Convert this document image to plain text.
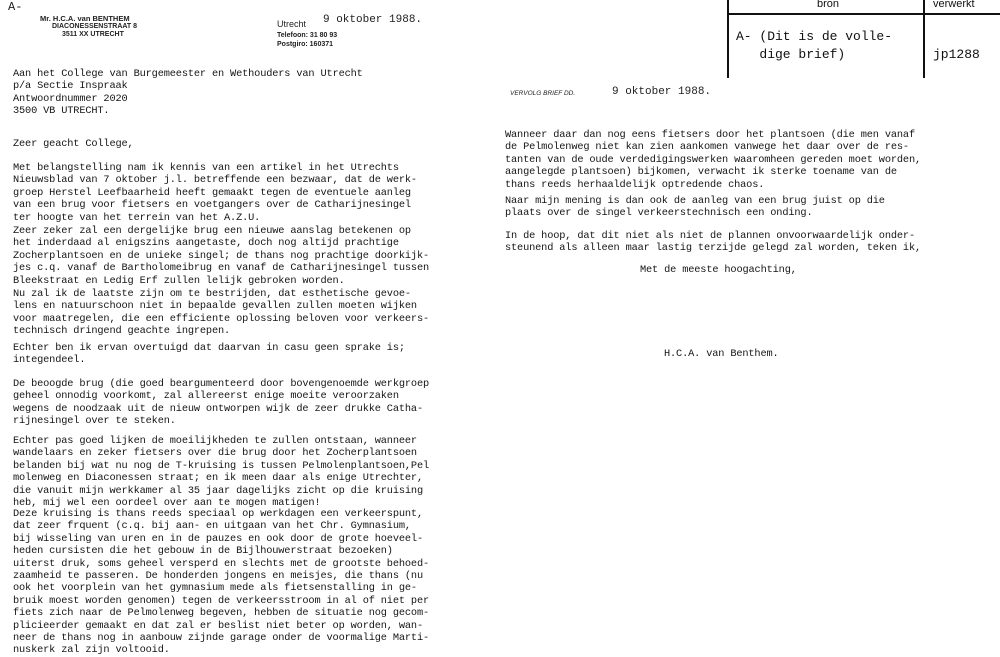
A-
Mr. H.C.A. van BENTHEM
DIACONESSENSTRAAT 8
3511 XX UTRECHT
Utrecht 9 oktober 1988.
Telefoon: 31 80 93
Postgiro: 160371
bron	verwerkt
A- (Dit is de volle-
dige brief)	jp1288
Aan het College van Burgemeester en Wethouders van Utrecht
p/a Sectie Inspraak
Antwoordnummer 2020
3500 VB UTRECHT.
Zeer geacht College,
Met belangstelling nam ik kennis van een artikel in het Utrechts
Nieuwsblad van 7 oktober j.l. betreffende een bezwaar, dat de werk-
groep Herstel Leefbaarheid heeft gemaakt tegen de eventuele aanleg
van een brug voor fietsers en voetgangers over de Catharijnesingel
ter hoogte van het terrein van het A.Z.U.
Zeer zeker zal een dergelijke brug een nieuwe aanslag betekenen op
het inderdaad al enigszins aangetaste, doch nog altijd prachtige
Zocherplantsoen en de unieke singel; de thans nog prachtige doorkijk-
jes c.q. vanaf de Bartholomeibrug en vanaf de Catharijnesingel tussen
Bleekstraat en Ledig Erf zullen lelijk gebroken worden.
Nu zal ik de laatste zijn om te bestrijden, dat esthetische gevoe-
lens en natuurschoon niet in bepaalde gevallen zullen moeten wijken
voor maatregelen, die een efficiente oplossing beloven voor verkeers-
technisch dringend geachte ingrepen.
Echter ben ik ervan overtuigd dat daarvan in casu geen sprake is;
integendeel.
De beoogde brug (die goed beargumenteerd door bovengenoemde werkgroep
geheel onnodig voorkomt, zal allereerst enige moeite veroorzaken
wegens de noodzaak uit de nieuw ontworpen wijk de zeer drukke Catha-
rijnesingel over te steken.
Echter pas goed lijken de moeilijkheden te zullen ontstaan, wanneer
wandelaars en zeker fietsers over die brug door het Zocherplantsoen
belanden bij wat nu nog de T-kruising is tussen Pelmolenplantsoen,Pel
molenweg en Diaconessen straat; en ik meen daar als enige Utrechter,
die vanuit mijn werkkamer al 35 jaar dagelijks zicht op die kruising
heb, mij wel een oordeel over aan te mogen matigen!
Deze kruising is thans reeds speciaal op werkdagen een verkeerspunt,
dat zeer frquent (c.q. bij aan- en uitgaan van het Chr. Gymnasium,
bij wisseling van uren en in de pauzes en ook door de grote hoeveel-
heden cursisten die het gebouw in de Bijlhouwerstraat bezoeken)
uiterst druk, soms geheel versperd en slechts met de grootste behoed-
zaamheid te passeren. De honderden jongens en meisjes, die thans (nu
ook het voorplein van het gymnasium mede als fietsenstalling in ge-
bruik moest worden genomen) tegen de verkeersstroom in al of niet per
fiets zich naar de Pelmolenweg begeven, hebben de situatie nog gecom-
plicieerder gemaakt en dat zal er beslist niet beter op worden, wan-
neer de thans nog in aanbouw zijnde garage onder de voormalige Marti-
nuskerk zal zijn voltooid.
VERVOLG BRIEF DD.	9 oktober 1988.
Wanneer daar dan nog eens fietsers door het plantsoen (die men vanaf
de Pelmolenweg niet kan zien aankomen vanwege het daar over de res-
tanten van de oude verdedigingswerken waaromheen gereden moet worden,
aangelegde plantsoen) bijkomen, verwacht ik sterke toename van de
thans reeds herhaaldelijk optredende chaos.
Naar mijn mening is dan ook de aanleg van een brug juist op die
plaats over de singel verkeerstechnisch een onding.
In de hoop, dat dit niet als niet de plannen onvoorwaardelijk onder-
steunend als alleen maar lastig terzijde gelegd zal worden, teken ik,
Met de meeste hoogachting,
H.C.A. van Benthem.
